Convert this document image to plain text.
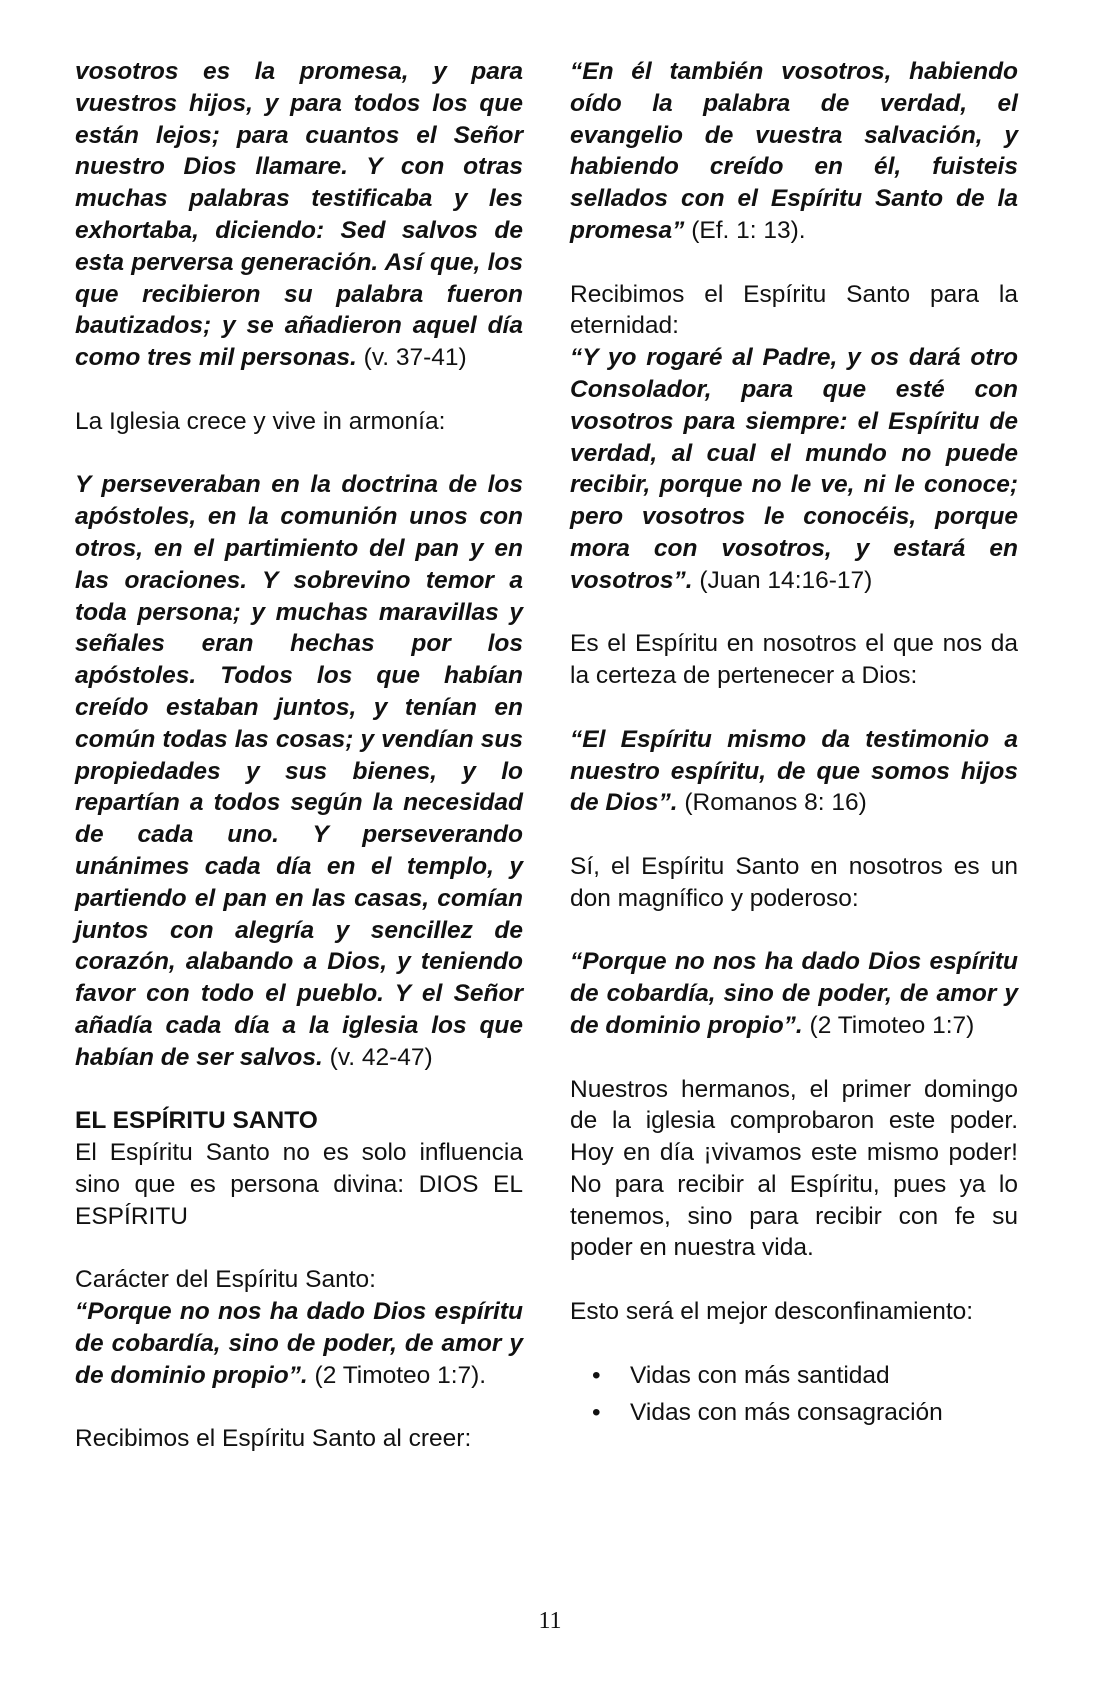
vosotros es la promesa, y para vuestros hijos, y para todos los que están lejos; para cuantos el Señor nuestro Dios llamare. Y con otras muchas palabras testificaba y les exhortaba, diciendo: Sed salvos de esta perversa generación. Así que, los que recibieron su palabra fueron bautizados; y se añadieron aquel día como tres mil personas. (v. 37-41)

La Iglesia crece y vive in armonía:

Y perseveraban en la doctrina de los apóstoles, en la comunión unos con otros, en el partimiento del pan y en las oraciones. Y sobrevino temor a toda persona; y muchas maravillas y señales eran hechas por los apóstoles. Todos los que habían creído estaban juntos, y tenían en común todas las cosas; y vendían sus propiedades y sus bienes, y lo repartían a todos según la necesidad de cada uno. Y perseverando unánimes cada día en el templo, y partiendo el pan en las casas, comían juntos con alegría y sencillez de corazón, alabando a Dios, y teniendo favor con todo el pueblo. Y el Señor añadía cada día a la iglesia los que habían de ser salvos. (v. 42-47)

EL ESPÍRITU SANTO

El Espíritu Santo no es solo influencia sino que es persona divina: DIOS EL ESPÍRITU

Carácter del Espíritu Santo:
“Porque no nos ha dado Dios espíritu de cobardía, sino de poder, de amor y de dominio propio”. (2 Timoteo 1:7).

Recibimos el Espíritu Santo al creer:

“En él también vosotros, habiendo oído la palabra de verdad, el evangelio de vuestra salvación, y habiendo creído en él, fuisteis sellados con el Espíritu Santo de la promesa” (Ef. 1: 13).

Recibimos el Espíritu Santo para la eternidad:
“Y yo rogaré al Padre, y os dará otro Consolador, para que esté con vosotros para siempre: el Espíritu de verdad, al cual el mundo no puede recibir, porque no le ve, ni le conoce; pero vosotros le conocéis, porque mora con vosotros, y estará en vosotros”. (Juan 14:16-17)

Es el Espíritu en nosotros el que nos da la certeza de pertenecer a Dios:

“El Espíritu mismo da testimonio a nuestro espíritu, de que somos hijos de Dios”. (Romanos 8: 16)

Sí, el Espíritu Santo en nosotros es un don magnífico y poderoso:

“Porque no nos ha dado Dios espíritu de cobardía, sino de poder, de amor y de dominio propio”. (2 Timoteo 1:7)

Nuestros hermanos, el primer domingo de la iglesia comprobaron este poder. Hoy en día ¡vivamos este mismo poder! No para recibir al Espíritu, pues ya lo tenemos, sino para recibir con fe su poder en nuestra vida.

Esto será el mejor desconfinamiento:

• Vidas con más santidad
• Vidas con más consagración
11
